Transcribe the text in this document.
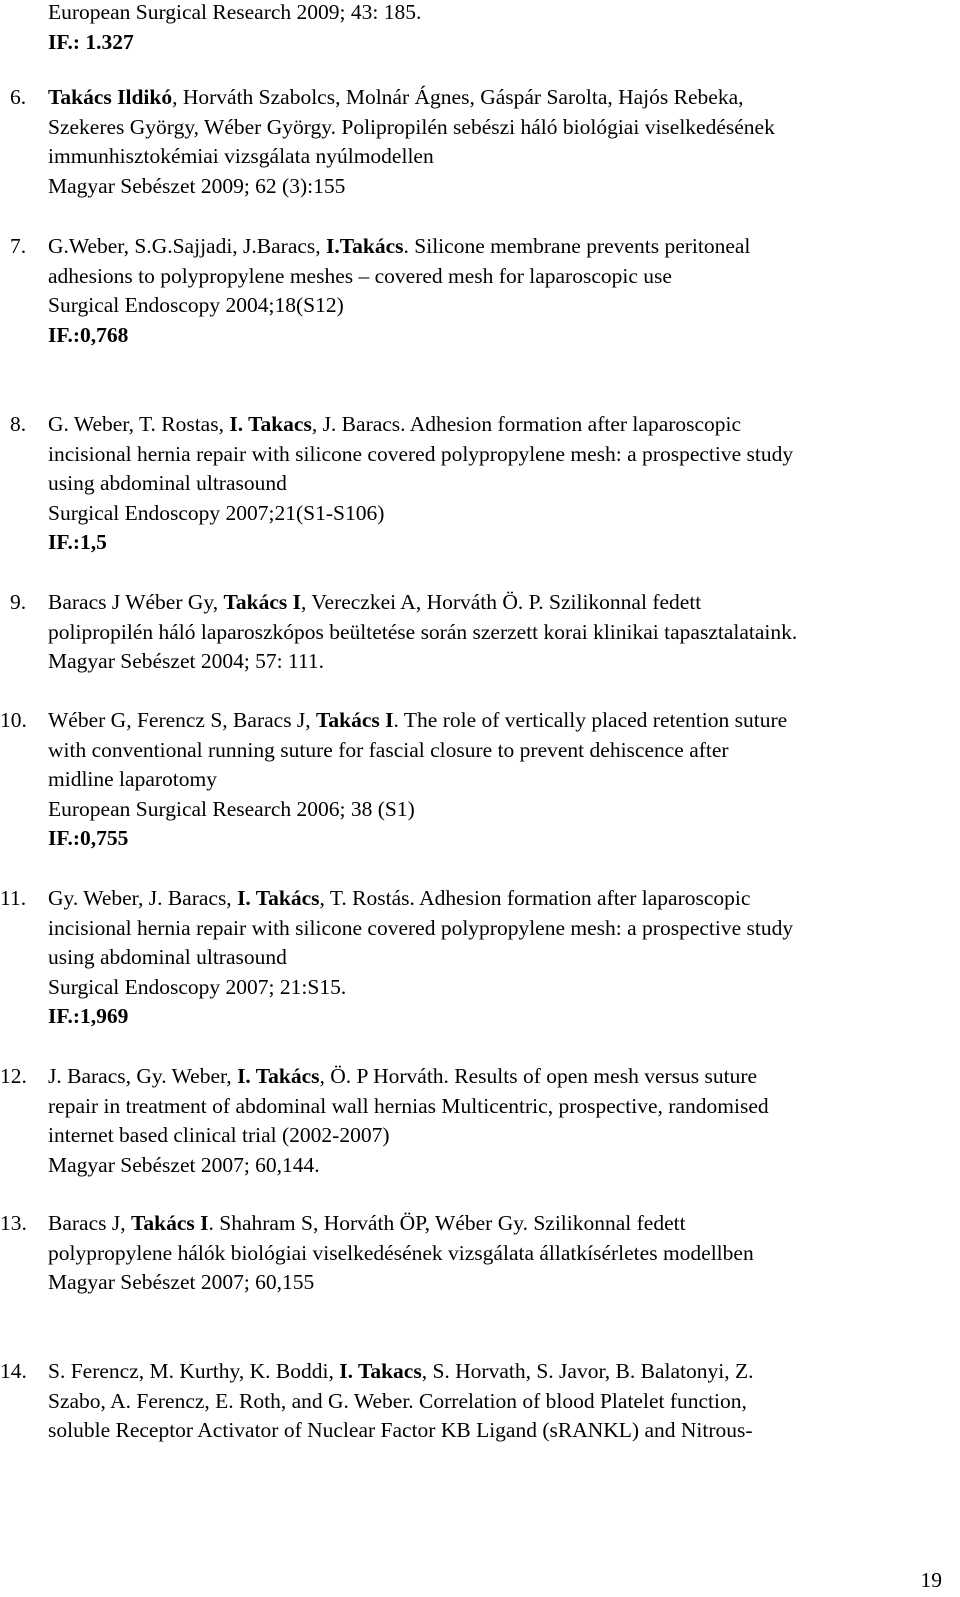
European Surgical Research 2009; 43: 185.
IF.: 1.327
6. Takács Ildikó, Horváth Szabolcs, Molnár Ágnes, Gáspár Sarolta, Hajós Rebeka,
Szekeres György, Wéber György. Polipropilén sebészi háló biológiai viselkedésének
immunhisztokémiai vizsgálata nyúlmodellen
Magyar Sebészet 2009; 62 (3):155
7. G.Weber, S.G.Sajjadi, J.Baracs, I.Takács. Silicone membrane prevents peritoneal
adhesions to polypropylene meshes – covered mesh for laparoscopic use
Surgical Endoscopy 2004;18(S12)
IF.:0,768
8. G. Weber, T. Rostas, I. Takacs, J. Baracs. Adhesion formation after laparoscopic
incisional hernia repair with silicone covered polypropylene mesh: a prospective study
using abdominal ultrasound
Surgical Endoscopy 2007;21(S1-S106)
IF.:1,5
9. Baracs J Wéber Gy, Takács I, Vereczkei A, Horváth Ö. P. Szilikonnal fedett
polipropilén háló laparoszkópos beültetése során szerzett korai klinikai tapasztalataink.
Magyar Sebészet 2004; 57: 111.
10. Wéber G, Ferencz S, Baracs J, Takács I. The role of vertically placed retention suture
with conventional running suture for fascial closure to prevent dehiscence after
midline laparotomy
European Surgical Research 2006; 38 (S1)
IF.:0,755
11. Gy. Weber, J. Baracs, I. Takács, T. Rostás. Adhesion formation after laparoscopic
incisional hernia repair with silicone covered polypropylene mesh: a prospective study
using abdominal ultrasound
Surgical Endoscopy 2007; 21:S15.
IF.:1,969
12. J. Baracs, Gy. Weber, I. Takács, Ö. P Horváth. Results of open mesh versus suture
repair in treatment of abdominal wall hernias Multicentric, prospective, randomised
internet based clinical trial (2002-2007)
Magyar Sebészet 2007; 60,144.
13. Baracs J, Takács I. Shahram S, Horváth ÖP, Wéber Gy. Szilikonnal fedett
polypropylene hálók biológiai viselkedésének vizsgálata állatkísérletes modellben
Magyar Sebészet 2007; 60,155
14. S. Ferencz, M. Kurthy, K. Boddi, I. Takacs, S. Horvath, S. Javor, B. Balatonyi, Z.
Szabo, A. Ferencz, E. Roth, and G. Weber. Correlation of blood Platelet function,
soluble Receptor Activator of Nuclear Factor KB Ligand (sRANKL) and Nitrous-
19
